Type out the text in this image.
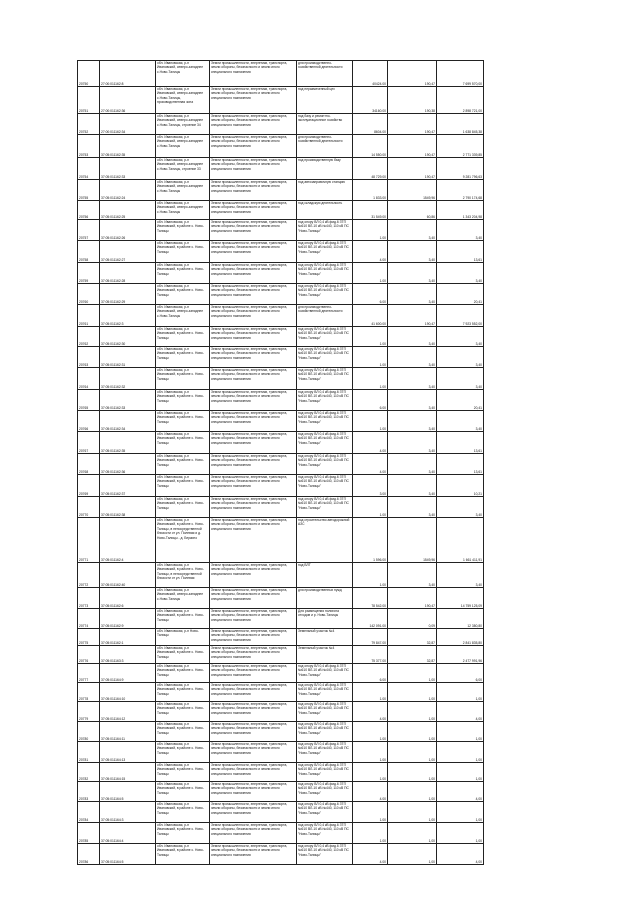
20750	27:00:011162:8	обл. Ивановская, р-н Ивановский, северо-западнее с.Ново-Талицы	Земли промышленности, энергетики, транспорта, земли обороны, безопасности и земли иного специального назначения	для производственно-хозяйственной деятельности	40424.00	190,47	7 699 570,00
20751	27:00:011162:36	обл. Ивановская, р-н Ивановский, северо-западнее с.Ново-Талицы, производственная зона	Земли промышленности, энергетики, транспорта, земли обороны, безопасности и земли иного специального назначения	под неразмеченный цех	34160.00	190,38	2 898 721,00
20752	27:00:011162:34	обл. Ивановская, р-н Ивановский, северо-западнее с.Ново-Талицы, строение 34	Земли промышленности, энергетики, транспорта, земли обороны, безопасности и земли иного специального назначения	под базу и ремонтно-эксплуатационное хозяйство	8604.00	190,47	1 638 845,38
20753	37:05:011162:35	обл. Ивановская, р-н Ивановский, северо-западнее с.Ново-Талицы	Земли промышленности, энергетики, транспорта, земли обороны, безопасности и земли иного специального назначения	для производственно-хозяйственной деятельности	14 550.00	190,47	2 771 339,85
20754	37:05:011162:33	обл. Ивановская, р-н Ивановский, северо-западнее с.Ново-Талицы, строение 33	Земли промышленности, энергетики, транспорта, земли обороны, безопасности и земли иного специального назначения	под производственную базу	48 729.00	190,47	9 281 796,63
20755	37:05:011162:24	обл. Ивановская, р-н Ивановский, северо-западнее с.Ново-Талицы	Земли промышленности, энергетики, транспорта, земли обороны, безопасности и земли иного специального назначения	под автозаправочную станцию	1 833.00	1549,96	2 790 174,68
20756	37:05:011162:25	обл. Ивановская, р-н Ивановский, северо-западнее с.Ново-Талицы	Земли промышленности, энергетики, транспорта, земли обороны, безопасности и земли иного специального назначения	под складскую деятельность	31 549.00	60,86	1 343 204,98
20757	37:05:011162:26	обл. Ивановская, р-н Ивановский, в районе с. Ново-Талицы	Земли промышленности, энергетики, транспорта, земли обороны, безопасности и земли иного специального назначения	под опору ВЛ 0,4 кВ фид.6 ЗТП №610 ВЛ-10 кВ №440, 110 кВ ПС "Ново-Талицы"	1.00	3,40	3,40
20758	37:05:011162:27	обл. Ивановская, р-н Ивановский, в районе с. Ново-Талицы	Земли промышленности, энергетики, транспорта, земли обороны, безопасности и земли иного специального назначения	под опору ВЛ 0,4 кВ фид.6 ЗТП №610 ВЛ-10 кВ №440, 110 кВ ПС "Ново-Талицы"	4.00	3,40	13,61
20759	37:05:011162:28	обл. Ивановская, р-н Ивановский, в районе с. Ново-Талицы	Земли промышленности, энергетики, транспорта, земли обороны, безопасности и земли иного специального назначения	под опору ВЛ 0,4 кВ фид.6 ЗТП №610 ВЛ-10 кВ №440, 110 кВ ПС "Ново-Талицы"	1.00	3,40	3,40
20760	37:05:011162:29	обл. Ивановская, р-н Ивановский, в районе с. Ново-Талицы	Земли промышленности, энергетики, транспорта, земли обороны, безопасности и земли иного специального назначения	под опору ВЛ 0,4 кВ фид.6 ЗТП №610 ВЛ-10 кВ №440, 110 кВ ПС "Ново-Талицы"	6.00	3,40	20,41
20761	37:05:011162:3	обл. Ивановская, р-н Ивановский, северо-западнее с.Ново-Талицы	Земли промышленности, энергетики, транспорта, земли обороны, безопасности и земли иного специального назначения	для производственно-хозяйственной деятельности	41 600.00	190,47	7 923 552,00
20762	37:05:011162:30	обл. Ивановская, р-н Ивановский, в районе с. Ново-Талицы	Земли промышленности, энергетики, транспорта, земли обороны, безопасности и земли иного специального назначения	под опору ВЛ 0,4 кВ фид.6 ЗТП №610 ВЛ-10 кВ №440, 110 кВ ПС "Ново-Талицы"	1.00	3,40	3,40
20763	37:05:011162:31	обл. Ивановская, р-н Ивановский, в районе с. Ново-Талицы	Земли промышленности, энергетики, транспорта, земли обороны, безопасности и земли иного специального назначения	под опору ВЛ 0,4 кВ фид.6 ЗТП №610 ВЛ-10 кВ №440, 110 кВ ПС "Ново-Талицы"	1.00	3,40	3,40
20764	37:05:011162:32	обл. Ивановская, р-н Ивановский, в районе с. Ново-Талицы	Земли промышленности, энергетики, транспорта, земли обороны, безопасности и земли иного специального назначения	под опору ВЛ 0,4 кВ фид.6 ЗТП №610 ВЛ-10 кВ №440, 110 кВ ПС "Ново-Талицы"	1.00	3,40	3,40
20765	37:05:011162:33	обл. Ивановская, р-н Ивановский, в районе с. Ново-Талицы	Земли промышленности, энергетики, транспорта, земли обороны, безопасности и земли иного специального назначения	под опору ВЛ 0,4 кВ фид.6 ЗТП №610 ВЛ-10 кВ №440, 110 кВ ПС "Ново-Талицы"	6.00	3,40	20,41
20766	37:05:011162:34	обл. Ивановская, р-н Ивановский, в районе с. Ново-Талицы	Земли промышленности, энергетики, транспорта, земли обороны, безопасности и земли иного специального назначения	под опору ВЛ 0,4 кВ фид.6 ЗТП №610 ВЛ-10 кВ №440, 110 кВ ПС "Ново-Талицы"	1.00	3,40	3,40
20767	37:05:011162:35	обл. Ивановская, р-н Ивановский, в районе с. Ново-Талицы	Земли промышленности, энергетики, транспорта, земли обороны, безопасности и земли иного специального назначения	под опору ВЛ 0,4 кВ фид.6 ЗТП №610 ВЛ-10 кВ №440, 110 кВ ПС "Ново-Талицы"	4.00	3,40	13,61
20768	37:05:011162:36	обл. Ивановская, р-н Ивановский, в районе с. Ново-Талицы	Земли промышленности, энергетики, транспорта, земли обороны, безопасности и земли иного специального назначения	под опору ВЛ 0,4 кВ фид.6 ЗТП №610 ВЛ-10 кВ №440, 110 кВ ПС "Ново-Талицы"	4.00	3,40	13,61
20769	37:05:011162:37	обл. Ивановская, р-н Ивановский, в районе с. Ново-Талицы	Земли промышленности, энергетики, транспорта, земли обороны, безопасности и земли иного специального назначения	под опору ВЛ 0,4 кВ фид.6 ЗТП №610 ВЛ-10 кВ №440, 110 кВ ПС "Ново-Талицы"	3.00	3,40	10,21
20770	37:05:011162:38	обл. Ивановская, р-н Ивановский, в районе с. Ново-Талицы	Земли промышленности, энергетики, транспорта, земли обороны, безопасности и земли иного специального назначения	под опору ВЛ 0,4 кВ фид.6 ЗТП №610 ВЛ-10 кВ №440, 110 кВ ПС "Ново-Талицы"	1.00	3,40	3,40
20771	37:05:011162:4	обл. Ивановская, р-н Ивановский, в районе с. Ново-Талицы, в непосредственной близости от ул. Полевая и д. Ново-Талицы - д. Беркино	Земли промышленности, энергетики, транспорта, земли обороны, безопасности и земли иного специального назначения	под строительство автодорожной АЗС	1 596.00	1549,96	1 661 411,91
20772	37:05:011162:40	обл. Ивановская, р-н Ивановский, в районе с. Ново-Талицы, в непосредственной близости от ул. Полевая	Земли промышленности, энергетики, транспорта, земли обороны, безопасности и земли иного специального назначения	под ВЛТ	1.00	3,40	3,40
20773	37:05:011162:6	обл. Ивановская, р-н Ивановский, северо-западнее с.Ново-Талицы	Земли промышленности, энергетики, транспорта, земли обороны, безопасности и земли иного специального назначения	для производственных нужд	78 542.00	190,47	14 759 125,09
20774	37:05:011162:9	обл. Ивановская, р-н Ивановский, в районе с. Ново-Талицы	Земли промышленности, энергетики, транспорта, земли обороны, безопасности и земли иного специального назначения	Для размещения полигона отходов и р. Ново-Талицы	142 091.00	0,09	12 380,80
20775	37:05:011162:1	обл. Ивановская, р-н Ново-Талицы	Земли промышленности, энергетики, транспорта, земли обороны, безопасности и земли иного специального назначения	Земельный участок №4	79 847.00	32,87	2 841 835,80
20776	37:05:011163:3	обл. Ивановская, р-н Ивановский, в районе с. Ново-Талицы	Земли промышленности, энергетики, транспорта, земли обороны, безопасности и земли иного специального назначения	Земельный участок №4	75 377.00	32,87	2 477 991,96
20777	37:05:011164:9	обл. Ивановская, р-н Ивановский, в районе с. Ново-Талицы	Земли промышленности, энергетики, транспорта, земли обороны, безопасности и земли иного специального назначения	под опору ВЛ 0,4 кВ фид.6 ЗТП №610 ВЛ-10 кВ №440, 110 кВ ПС "Ново-Талицы"	6.00	1,00	6,00
20778	37:05:011164:10	обл. Ивановская, р-н Ивановский, в районе с. Ново-Талицы	Земли промышленности, энергетики, транспорта, земли обороны, безопасности и земли иного специального назначения	под опору ВЛ 0,4 кВ фид.6 ЗТП №610 ВЛ-10 кВ №440, 110 кВ ПС "Ново-Талицы"	1.00	1,00	1,00
20779	37:05:011164:12	обл. Ивановская, р-н Ивановский, в районе с. Ново-Талицы	Земли промышленности, энергетики, транспорта, земли обороны, безопасности и земли иного специального назначения	под опору ВЛ 0,4 кВ фид.6 ЗТП №610 ВЛ-10 кВ №440, 110 кВ ПС "Ново-Талицы"	4.00	1,00	4,00
20780	37:05:011164:11	обл. Ивановская, р-н Ивановский, в районе с. Ново-Талицы	Земли промышленности, энергетики, транспорта, земли обороны, безопасности и земли иного специального назначения	под опору ВЛ 0,4 кВ фид.6 ЗТП №610 ВЛ-10 кВ №440, 110 кВ ПС "Ново-Талицы"	1.00	1,00	1,00
20781	37:05:011164:13	обл. Ивановская, р-н Ивановский, в районе с. Ново-Талицы	Земли промышленности, энергетики, транспорта, земли обороны, безопасности и земли иного специального назначения	под опору ВЛ 0,4 кВ фид.6 ЗТП №610 ВЛ-10 кВ №440, 110 кВ ПС "Ново-Талицы"	1.00	1,00	1,00
20782	37:05:011164:15	обл. Ивановская, р-н Ивановский, в районе с. Ново-Талицы	Земли промышленности, энергетики, транспорта, земли обороны, безопасности и земли иного специального назначения	под опору ВЛ 0,4 кВ фид.6 ЗТП №610 ВЛ-10 кВ №440, 110 кВ ПС "Ново-Талицы"	1.00	1,00	1,00
20783	37:05:011164:5	обл. Ивановская, р-н Ивановский, в районе с. Ново-Талицы	Земли промышленности, энергетики, транспорта, земли обороны, безопасности и земли иного специального назначения	под опору ВЛ 0,4 кВ фид.6 ЗТП №610 ВЛ-10 кВ №440, 110 кВ ПС "Ново-Талицы"	4.00	1,00	4,00
20784	37:05:011164:3	обл. Ивановская, р-н Ивановский, в районе с. Ново-Талицы	Земли промышленности, энергетики, транспорта, земли обороны, безопасности и земли иного специального назначения	под опору ВЛ 0,4 кВ фид.6 ЗТП №610 ВЛ-10 кВ №440, 110 кВ ПС "Ново-Талицы"	1.00	1,00	1,00
20785	37:05:011164:4	обл. Ивановская, р-н Ивановский, в районе с. Ново-Талицы	Земли промышленности, энергетики, транспорта, земли обороны, безопасности и земли иного специального назначения	под опору ВЛ 0,4 кВ фид.6 ЗТП №610 ВЛ-10 кВ №440, 110 кВ ПС "Ново-Талицы"	1.00	1,00	1,00
20786	37:05:011164:5	обл. Ивановская, р-н Ивановский, в районе с. Ново-Талицы	Земли промышленности, энергетики, транспорта, земли обороны, безопасности и земли иного специального назначения	под опору ВЛ 0,4 кВ фид.6 ЗТП №610 ВЛ-10 кВ №440, 110 кВ ПС "Ново-Талицы"	4.00	1,00	4,00
